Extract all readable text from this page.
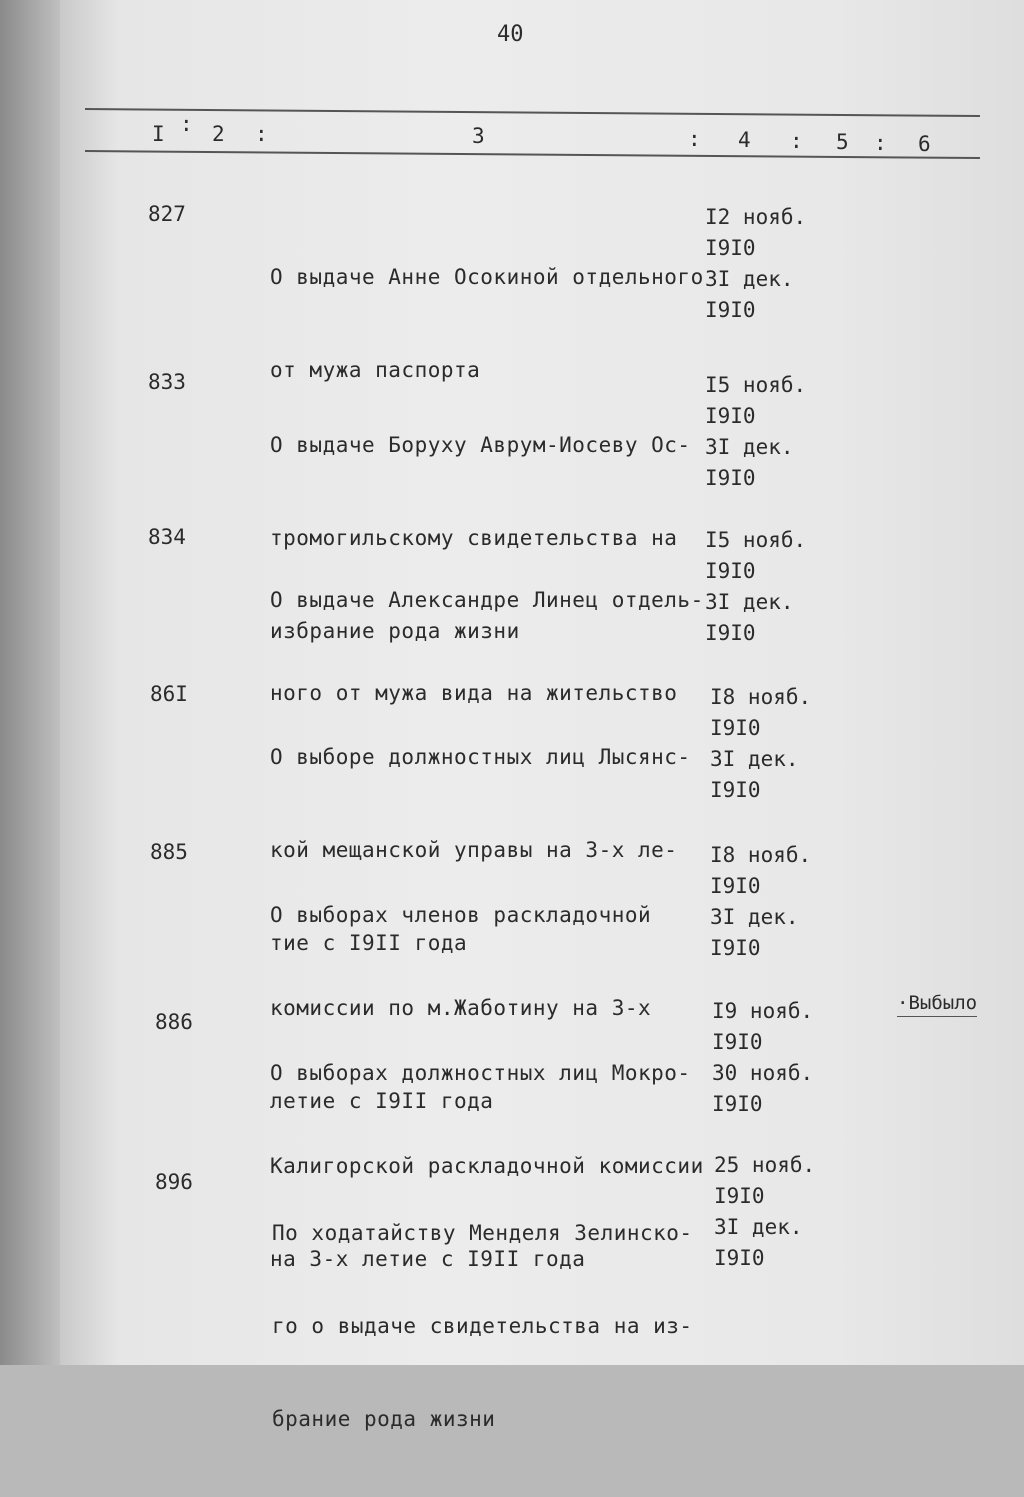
40
I : 2 :	3	: 4 : 5 : 6
827

О выдаче Анне Осокиной отдельного

от мужа паспорта

I2 нояб.
I9I0
3I дек.
I9I0
833

О выдаче Боруху Аврум-Иосеву Ос-

тромогильскому свидетельства на

избрание рода жизни

I5 нояб.
I9I0
3I дек.
I9I0
834

О выдаче Александре Линец отдель-

ного от мужа вида на жительство

I5 нояб.
I9I0
3I дек.
I9I0
86I

О выборе должностных лиц Лысянс-

кой мещанской управы на 3-х ле-

тие с I9II года

I8 нояб.
I9I0
3I дек.
I9I0
885

О выборах членов раскладочной

комиссии по м.Жаботину на 3-х

летие с I9II года

I8 нояб.
I9I0
3I дек.
I9I0
886

О выборах должностных лиц Мокро-

Калигорской раскладочной комиссии

на 3-х летие с I9II года

I9 нояб.
I9I0
30 нояб.
I9I0
·Выбыло
896

По ходатайству Менделя Зелинско-

го о выдаче свидетельства на из-

брание рода жизни

25 нояб.
I9I0
3I дек.
I9I0
